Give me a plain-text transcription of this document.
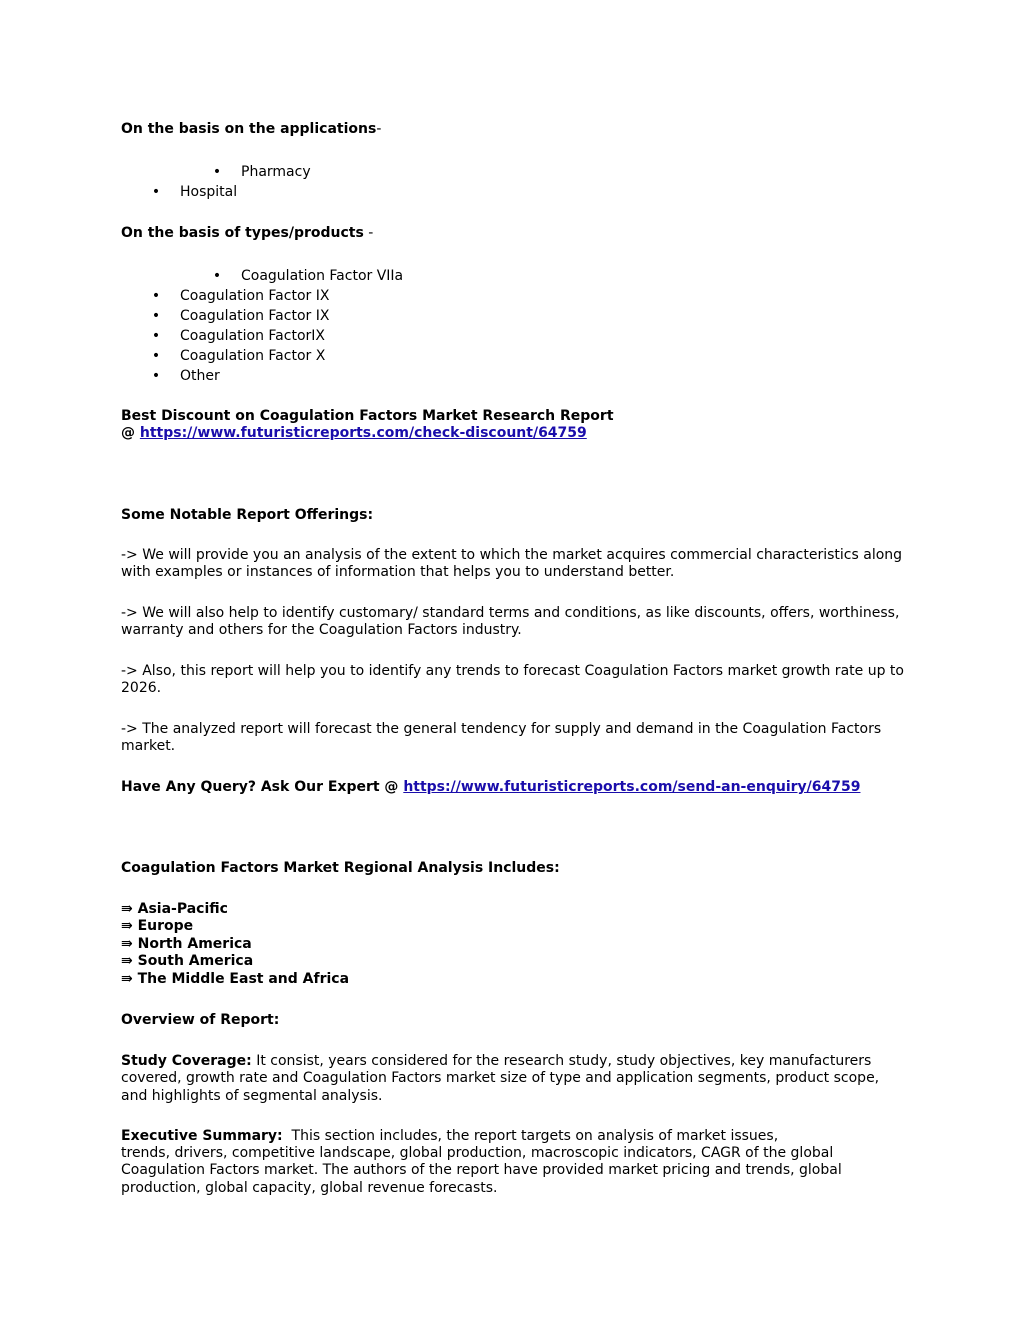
On the basis on the applications-
• Pharmacy
• Hospital
On the basis of types/products -
• Coagulation Factor VIIa
• Coagulation Factor IX
• Coagulation Factor IX
• Coagulation FactorIX
• Coagulation Factor X
• Other
Best Discount on Coagulation Factors Market Research Report
@ https://www.futuristicreports.com/check-discount/64759
Some Notable Report Offerings:
-> We will provide you an analysis of the extent to which the market acquires commercial characteristics along with examples or instances of information that helps you to understand better.
-> We will also help to identify customary/ standard terms and conditions, as like discounts, offers, worthiness, warranty and others for the Coagulation Factors industry.
-> Also, this report will help you to identify any trends to forecast Coagulation Factors market growth rate up to 2026.
-> The analyzed report will forecast the general tendency for supply and demand in the Coagulation Factors market.
Have Any Query? Ask Our Expert @ https://www.futuristicreports.com/send-an-enquiry/64759
Coagulation Factors Market Regional Analysis Includes:
⇛ Asia-Pacific
⇛ Europe
⇛ North America
⇛ South America
⇛ The Middle East and Africa
Overview of Report:
Study Coverage: It consist, years considered for the research study, study objectives, key manufacturers covered, growth rate and Coagulation Factors market size of type and application segments, product scope, and highlights of segmental analysis.
Executive Summary:  This section includes, the report targets on analysis of market issues,
trends, drivers, competitive landscape, global production, macroscopic indicators, CAGR of the global Coagulation Factors market. The authors of the report have provided market pricing and trends, global production, global capacity, global revenue forecasts.
